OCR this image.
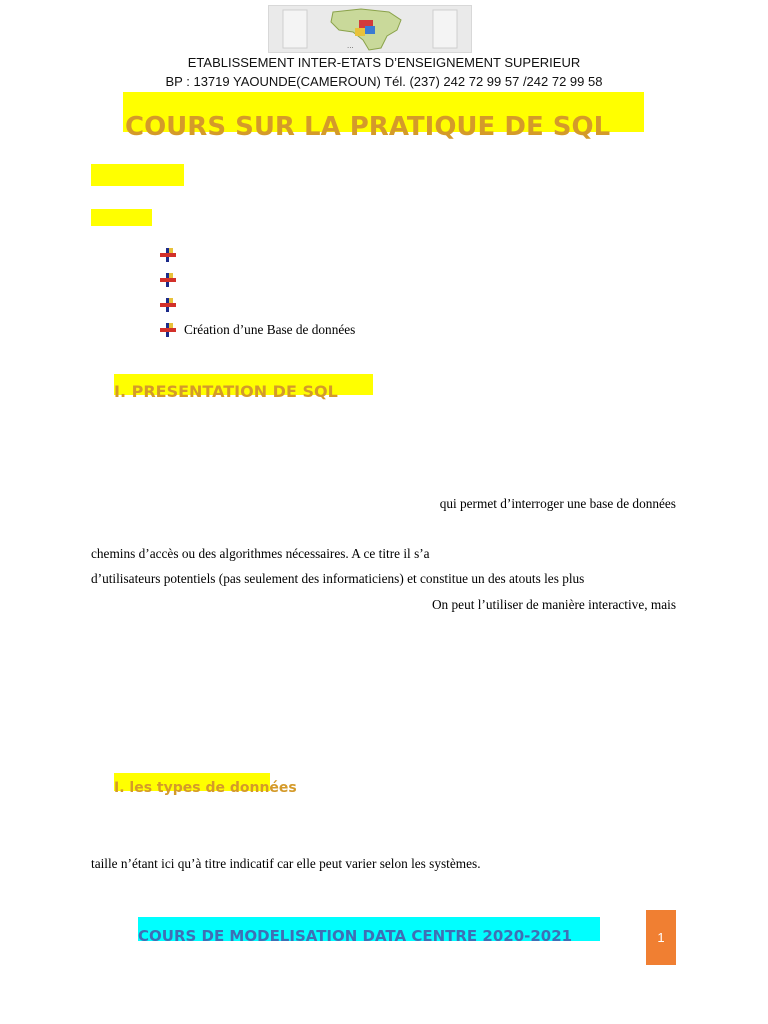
...
ETABLISSEMENT INTER-ETATS D’ENSEIGNEMENT SUPERIEUR
BP : 13719 YAOUNDE(CAMEROUN) Tél. (237) 242 72 99 57 /242 72 99 58
COURS SUR LA PRATIQUE DE SQL
Création d’une Base de données
I. PRESENTATION DE SQL
qui permet d’interroger une base de données
chemins d’accès ou des algorithmes nécessaires. A ce titre il s’a
d’utilisateurs potentiels (pas seulement des informaticiens) et constitue un des atouts les plus
On peut l’utiliser de manière interactive, mais
I. les types de données
taille n’étant ici qu’à titre indicatif car elle peut varier selon les systèmes.
COURS DE MODELISATION DATA CENTRE 2020-2021	1
